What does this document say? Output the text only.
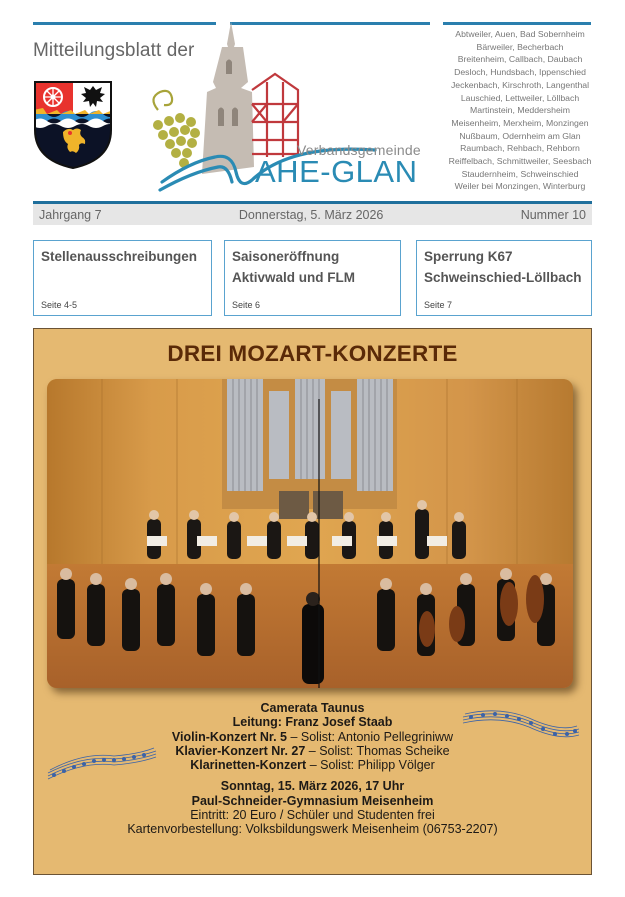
Mitteilungsblatt der
Verbandsgemeinde
AHE-GLAN
Abtweiler, Auen, Bad Sobernheim
Bärweiler, Becherbach
Breitenheim, Callbach, Daubach
Desloch, Hundsbach, Ippenschied
Jeckenbach, Kirschroth, Langenthal
Lauschied, Lettweiler, Löllbach
Martinstein, Meddersheim
Meisenheim, Merxheim, Monzingen
Nußbaum, Odernheim am Glan
Raumbach, Rehbach, Rehborn
Reiffelbach, Schmittweiler, Seesbach
Staudernheim, Schweinschied
Weiler bei Monzingen, Winterburg
Jahrgang 7	Donnerstag, 5. März 2026	Nummer 10
Stellenausschreibungen
Seite 4-5
Saisoneröffnung
Aktivwald und FLM
Seite 6
Sperrung K67
Schweinschied-Löllbach
Seite 7
DREI MOZART-KONZERTE
Camerata Taunus
Leitung: Franz Josef Staab
Violin-Konzert Nr. 5 – Solist: Antonio Pellegriniww
Klavier-Konzert Nr. 27 – Solist: Thomas Scheike
Klarinetten-Konzert – Solist: Philipp Völger
Sonntag, 15. März 2026, 17 Uhr
Paul-Schneider-Gymnasium Meisenheim
Eintritt: 20 Euro / Schüler und Studenten frei
Kartenvorbestellung: Volksbildungswerk Meisenheim (06753-2207)
